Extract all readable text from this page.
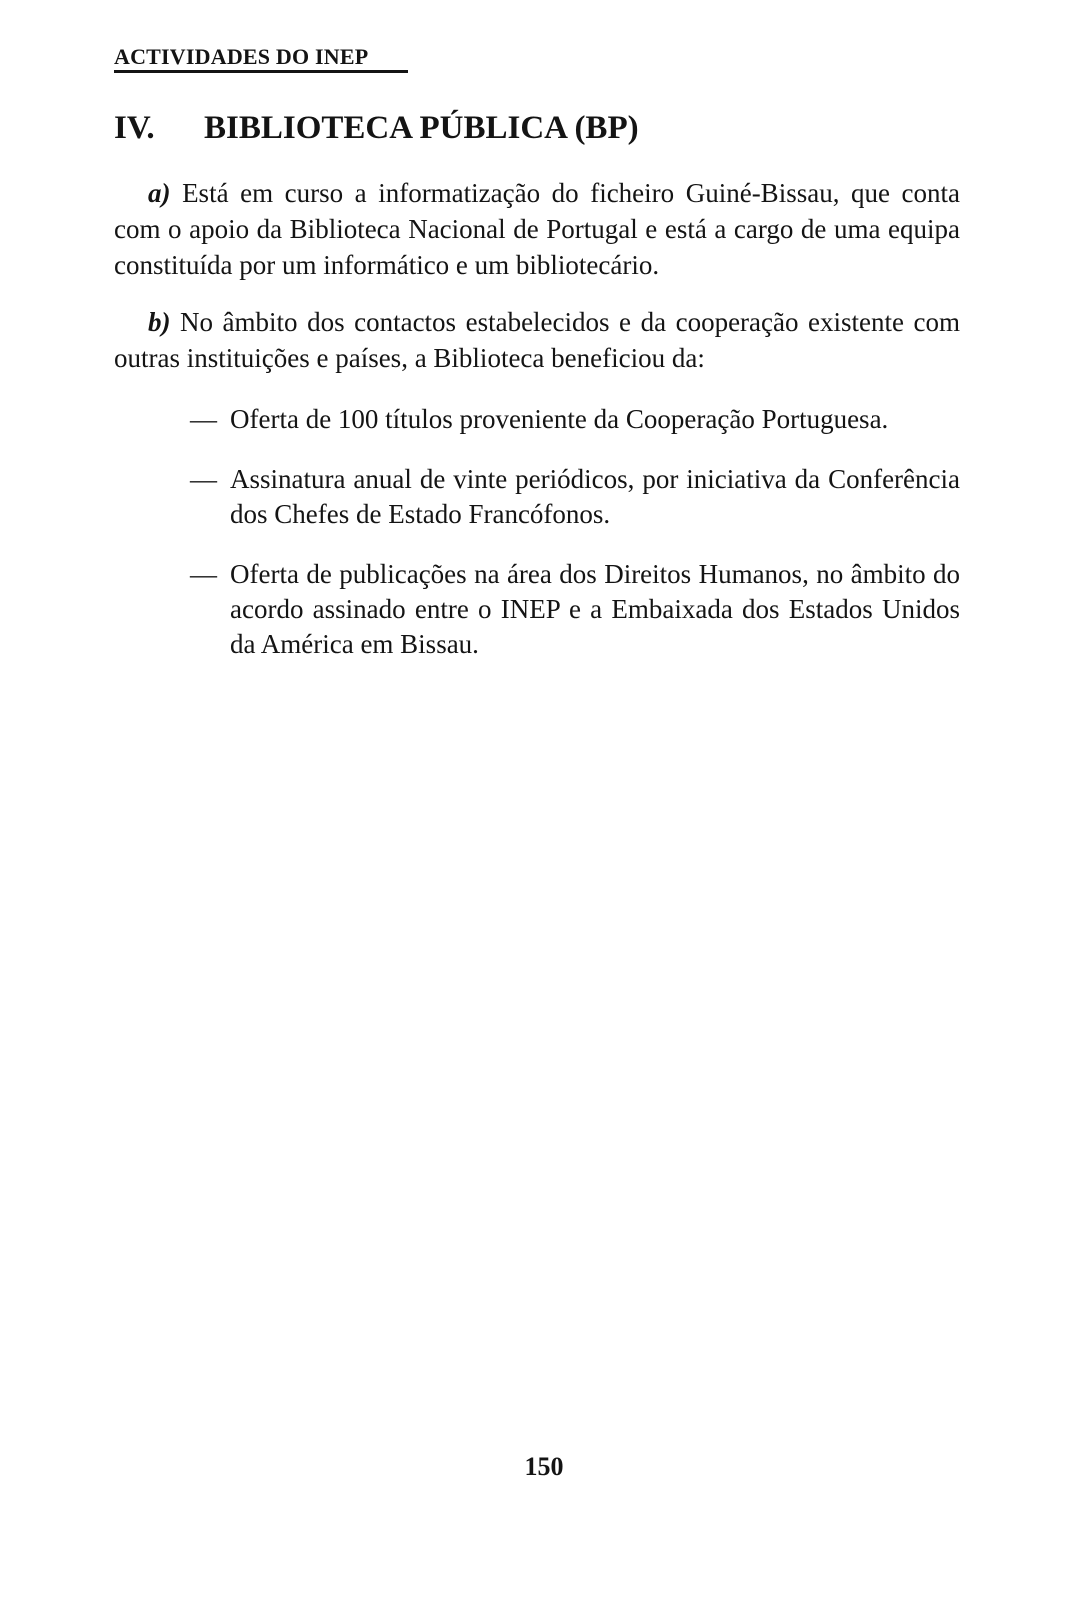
ACTIVIDADES DO INEP
IV. BIBLIOTECA PÚBLICA (BP)

a) Está em curso a informatização do ficheiro Guiné-Bissau, que conta com o apoio da Biblioteca Nacional de Portugal e está a cargo de uma equipa constituída por um informático e um bibliotecário.

b) No âmbito dos contactos estabelecidos e da cooperação existente com outras instituições e países, a Biblioteca beneficiou da:

— Oferta de 100 títulos proveniente da Cooperação Portuguesa.
— Assinatura anual de vinte periódicos, por iniciativa da Conferência dos Chefes de Estado Francófonos.
— Oferta de publicações na área dos Direitos Humanos, no âmbito do acordo assinado entre o INEP e a Embaixada dos Estados Unidos da América em Bissau.
150
